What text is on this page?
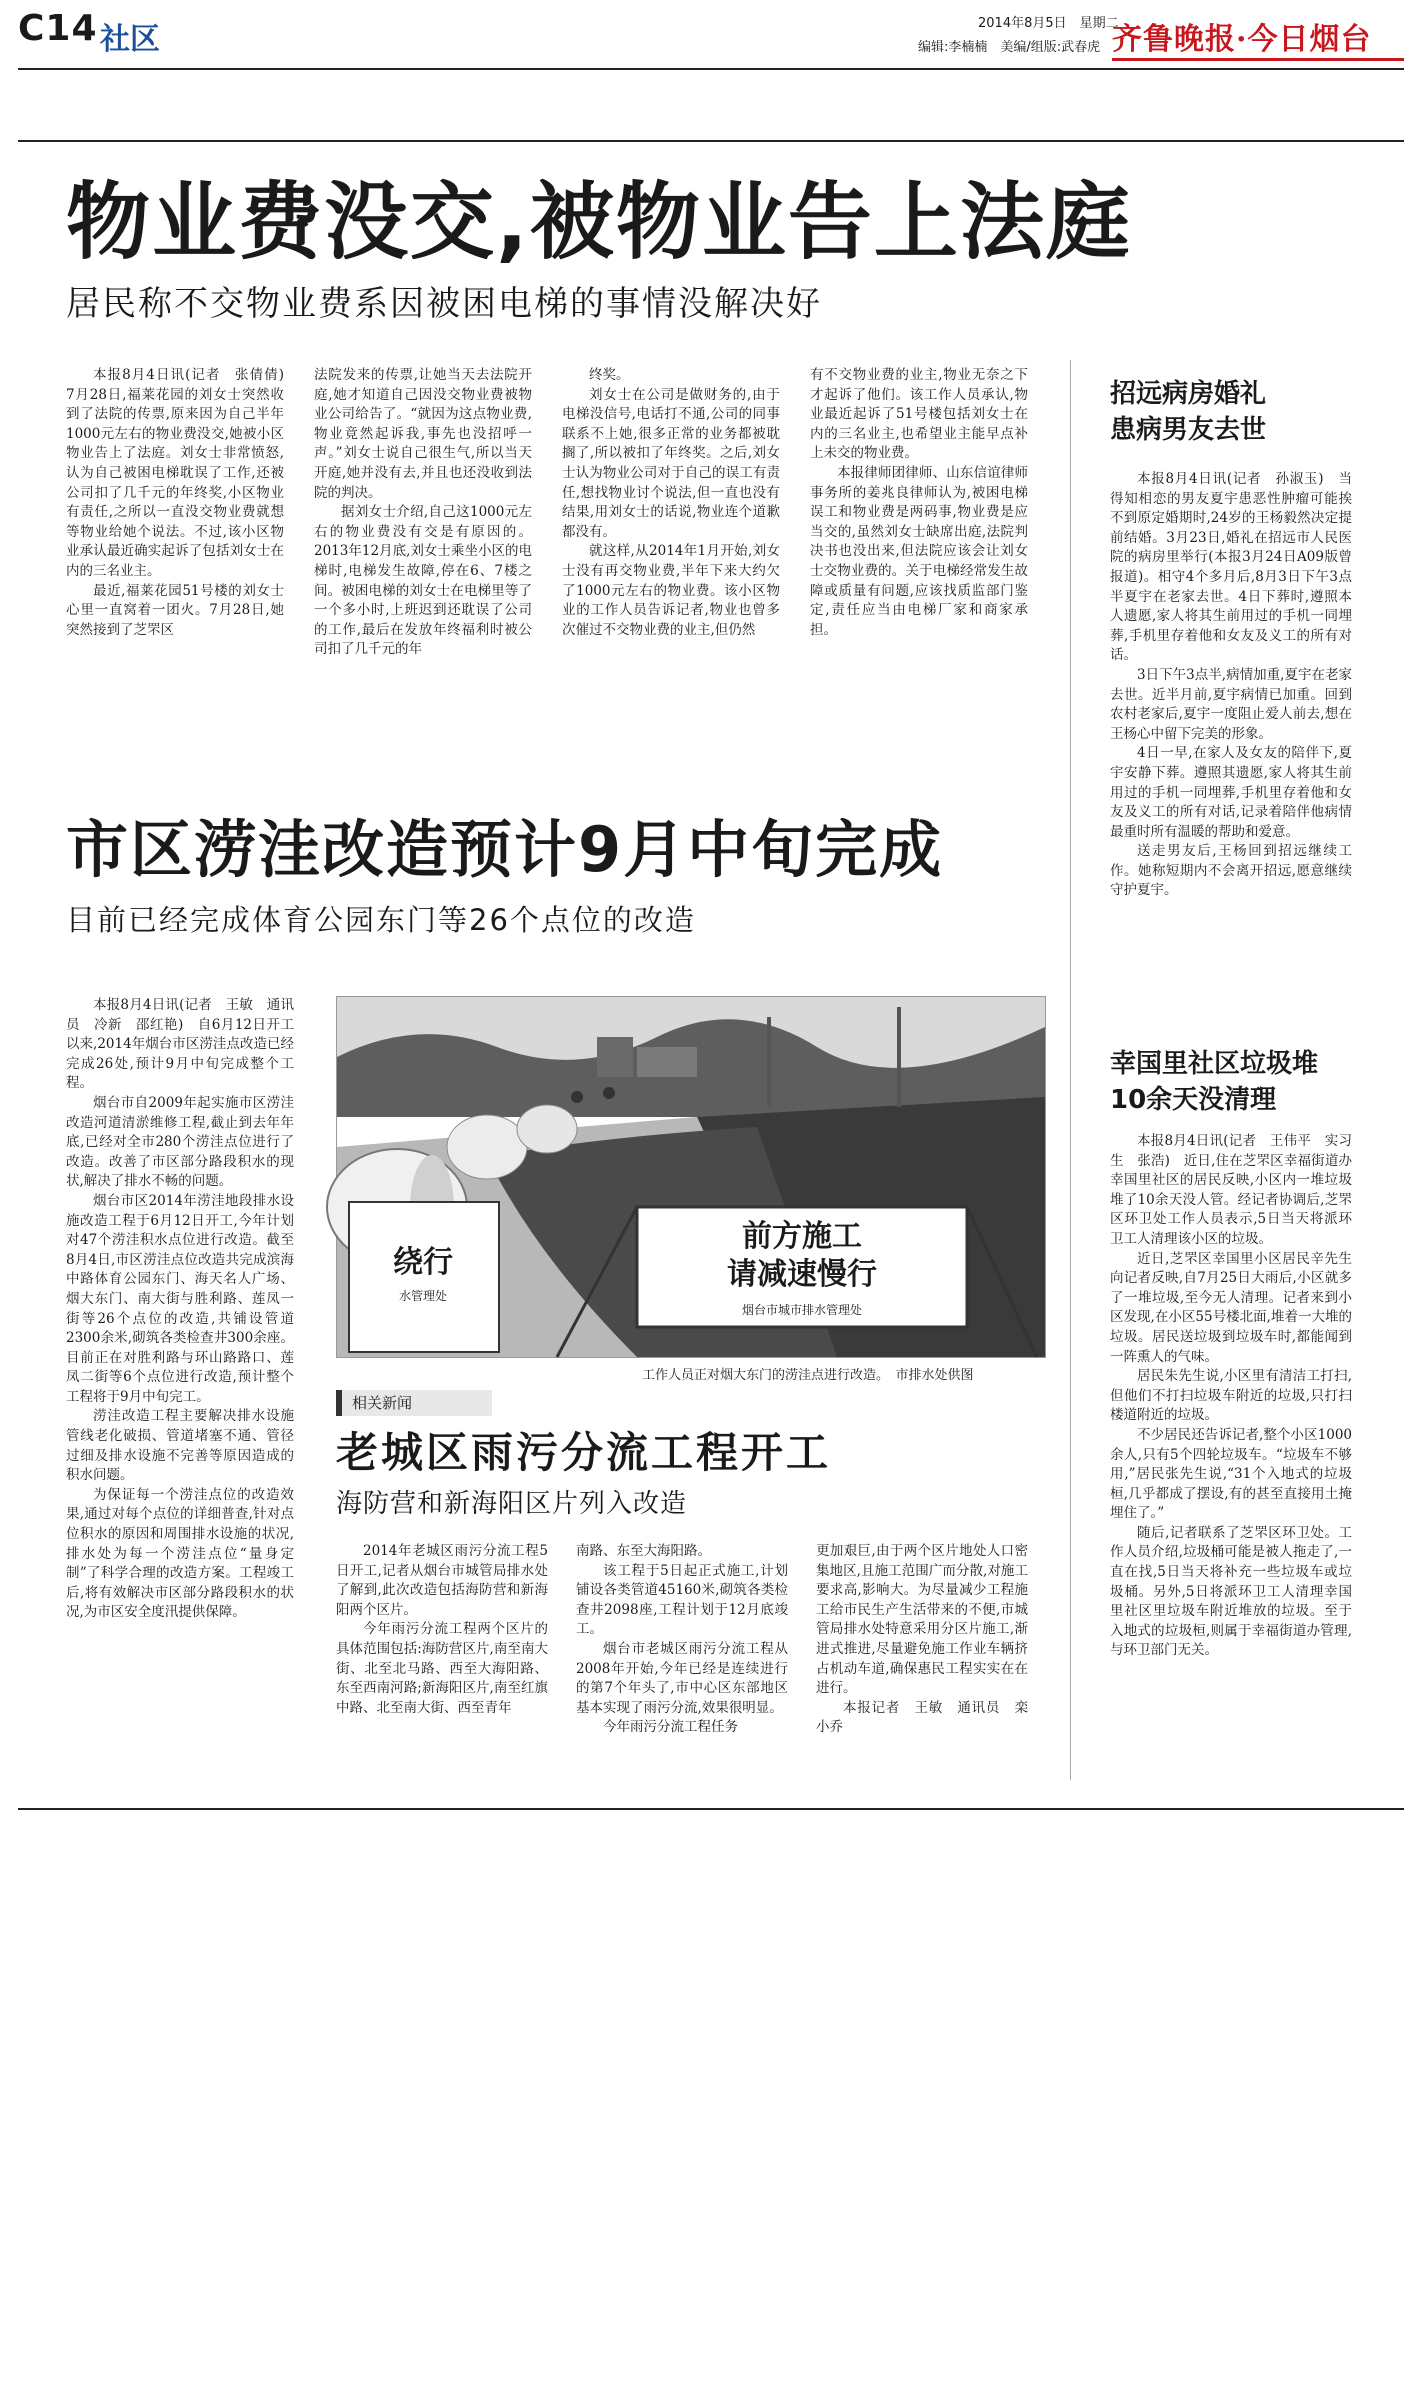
C14 社区	2014年8月5日　星期二
编辑:李楠楠　美编/组版:武春虎 齐鲁晚报·今日烟台
物业费没交,被物业告上法庭
居民称不交物业费系因被困电梯的事情没解决好

本报8月4日讯(记者　张倩倩)　7月28日,福莱花园的刘女士突然收到了法院的传票,原来因为自己半年1000元左右的物业费没交,她被小区物业告上了法庭。刘女士非常愤怒,认为自己被困电梯耽误了工作,还被公司扣了几千元的年终奖,小区物业有责任,之所以一直没交物业费就想等物业给她个说法。不过,该小区物业承认最近确实起诉了包括刘女士在内的三名业主。

最近,福莱花园51号楼的刘女士心里一直窝着一团火。7月28日,她突然接到了芝罘区

法院发来的传票,让她当天去法院开庭,她才知道自己因没交物业费被物业公司给告了。“就因为这点物业费,物业竟然起诉我,事先也没招呼一声。”刘女士说自己很生气,所以当天开庭,她并没有去,并且也还没收到法院的判决。

据刘女士介绍,自己这1000元左右的物业费没有交是有原因的。2013年12月底,刘女士乘坐小区的电梯时,电梯发生故障,停在6、7楼之间。被困电梯的刘女士在电梯里等了一个多小时,上班迟到还耽误了公司的工作,最后在发放年终福利时被公司扣了几千元的年

终奖。

刘女士在公司是做财务的,由于电梯没信号,电话打不通,公司的同事联系不上她,很多正常的业务都被耽搁了,所以被扣了年终奖。之后,刘女士认为物业公司对于自己的误工有责任,想找物业讨个说法,但一直也没有结果,用刘女士的话说,物业连个道歉都没有。

就这样,从2014年1月开始,刘女士没有再交物业费,半年下来大约欠了1000元左右的物业费。该小区物业的工作人员告诉记者,物业也曾多次催过不交物业费的业主,但仍然

有不交物业费的业主,物业无奈之下才起诉了他们。该工作人员承认,物业最近起诉了51号楼包括刘女士在内的三名业主,也希望业主能早点补上未交的物业费。

本报律师团律师、山东信谊律师事务所的姜兆良律师认为,被困电梯误工和物业费是两码事,物业费是应当交的,虽然刘女士缺席出庭,法院判决书也没出来,但法院应该会让刘女士交物业费的。关于电梯经常发生故障或质量有问题,应该找质监部门鉴定,责任应当由电梯厂家和商家承担。

招远病房婚礼
患病男友去世

本报8月4日讯(记者　孙淑玉)　当得知相恋的男友夏宇患恶性肿瘤可能挨不到原定婚期时,24岁的王杨毅然决定提前结婚。3月23日,婚礼在招远市人民医院的病房里举行(本报3月24日A09版曾报道)。相守4个多月后,8月3日下午3点半夏宇在老家去世。4日下葬时,遵照本人遗愿,家人将其生前用过的手机一同埋葬,手机里存着他和女友及义工的所有对话。

3日下午3点半,病情加重,夏宇在老家去世。近半月前,夏宇病情已加重。回到农村老家后,夏宇一度阻止爱人前去,想在王杨心中留下完美的形象。

4日一早,在家人及女友的陪伴下,夏宇安静下葬。遵照其遗愿,家人将其生前用过的手机一同埋葬,手机里存着他和女友及义工的所有对话,记录着陪伴他病情最重时所有温暖的帮助和爱意。

送走男友后,王杨回到招远继续工作。她称短期内不会离开招远,愿意继续守护夏宇。

幸国里社区垃圾堆
10余天没清理

本报8月4日讯(记者　王伟平　实习生　张浩)　近日,住在芝罘区幸福街道办幸国里社区的居民反映,小区内一堆垃圾堆了10余天没人管。经记者协调后,芝罘区环卫处工作人员表示,5日当天将派环卫工人清理该小区的垃圾。

近日,芝罘区幸国里小区居民辛先生向记者反映,自7月25日大雨后,小区就多了一堆垃圾,至今无人清理。记者来到小区发现,在小区55号楼北面,堆着一大堆的垃圾。居民送垃圾到垃圾车时,都能闻到一阵熏人的气味。

居民朱先生说,小区里有清洁工打扫,但他们不打扫垃圾车附近的垃圾,只打扫楼道附近的垃圾。

不少居民还告诉记者,整个小区1000余人,只有5个四轮垃圾车。“垃圾车不够用,”居民张先生说,“31个入地式的垃圾桓,几乎都成了摆设,有的甚至直接用土掩埋住了。”

随后,记者联系了芝罘区环卫处。工作人员介绍,垃圾桶可能是被人拖走了,一直在找,5日当天将补充一些垃圾车或垃圾桶。另外,5日将派环卫工人清理幸国里社区里垃圾车附近堆放的垃圾。至于入地式的垃圾桓,则属于幸福街道办管理,与环卫部门无关。

市区涝洼改造预计9月中旬完成
目前已经完成体育公园东门等26个点位的改造

本报8月4日讯(记者　王敏　通讯员　冷新　邵红艳)　自6月12日开工以来,2014年烟台市区涝洼点改造已经完成26处,预计9月中旬完成整个工程。

烟台市自2009年起实施市区涝洼改造河道清淤维修工程,截止到去年年底,已经对全市280个涝洼点位进行了改造。改善了市区部分路段积水的现状,解决了排水不畅的问题。

烟台市区2014年涝洼地段排水设施改造工程于6月12日开工,今年计划对47个涝洼积水点位进行改造。截至8月4日,市区涝洼点位改造共完成滨海中路体育公园东门、海天名人广场、烟大东门、南大街与胜利路、莲凤一街等26个点位的改造,共铺设管道2300余米,砌筑各类检查井300余座。目前正在对胜利路与环山路路口、莲凤二街等6个点位进行改造,预计整个工程将于9月中旬完工。

涝洼改造工程主要解决排水设施管线老化破损、管道堵塞不通、管径过细及排水设施不完善等原因造成的积水问题。

为保证每一个涝洼点位的改造效果,通过对每个点位的详细普查,针对点位积水的原因和周围排水设施的状况,排水处为每一个涝洼点位“量身定制”了科学合理的改造方案。工程竣工后,将有效解决市区部分路段积水的状况,为市区安全度汛提供保障。

绕行
水管理处
前方施工
请减速慢行
烟台市城市排水管理处
工作人员正对烟大东门的涝洼点进行改造。　市排水处供图
相关新闻
老城区雨污分流工程开工
海防营和新海阳区片列入改造

2014年老城区雨污分流工程5日开工,记者从烟台市城管局排水处了解到,此次改造包括海防营和新海阳两个区片。

今年雨污分流工程两个区片的具体范围包括:海防营区片,南至南大街、北至北马路、西至大海阳路、东至西南河路;新海阳区片,南至红旗中路、北至南大街、西至青年

南路、东至大海阳路。

该工程于5日起正式施工,计划铺设各类管道45160米,砌筑各类检查井2098座,工程计划于12月底竣工。

烟台市老城区雨污分流工程从2008年开始,今年已经是连续进行的第7个年头了,市中心区东部地区基本实现了雨污分流,效果很明显。

今年雨污分流工程任务

更加艰巨,由于两个区片地处人口密集地区,且施工范围广而分散,对施工要求高,影响大。为尽量减少工程施工给市民生产生活带来的不便,市城管局排水处特意采用分区片施工,渐进式推进,尽量避免施工作业车辆挤占机动车道,确保惠民工程实实在在进行。

本报记者　王敏　通讯员　栾小乔
